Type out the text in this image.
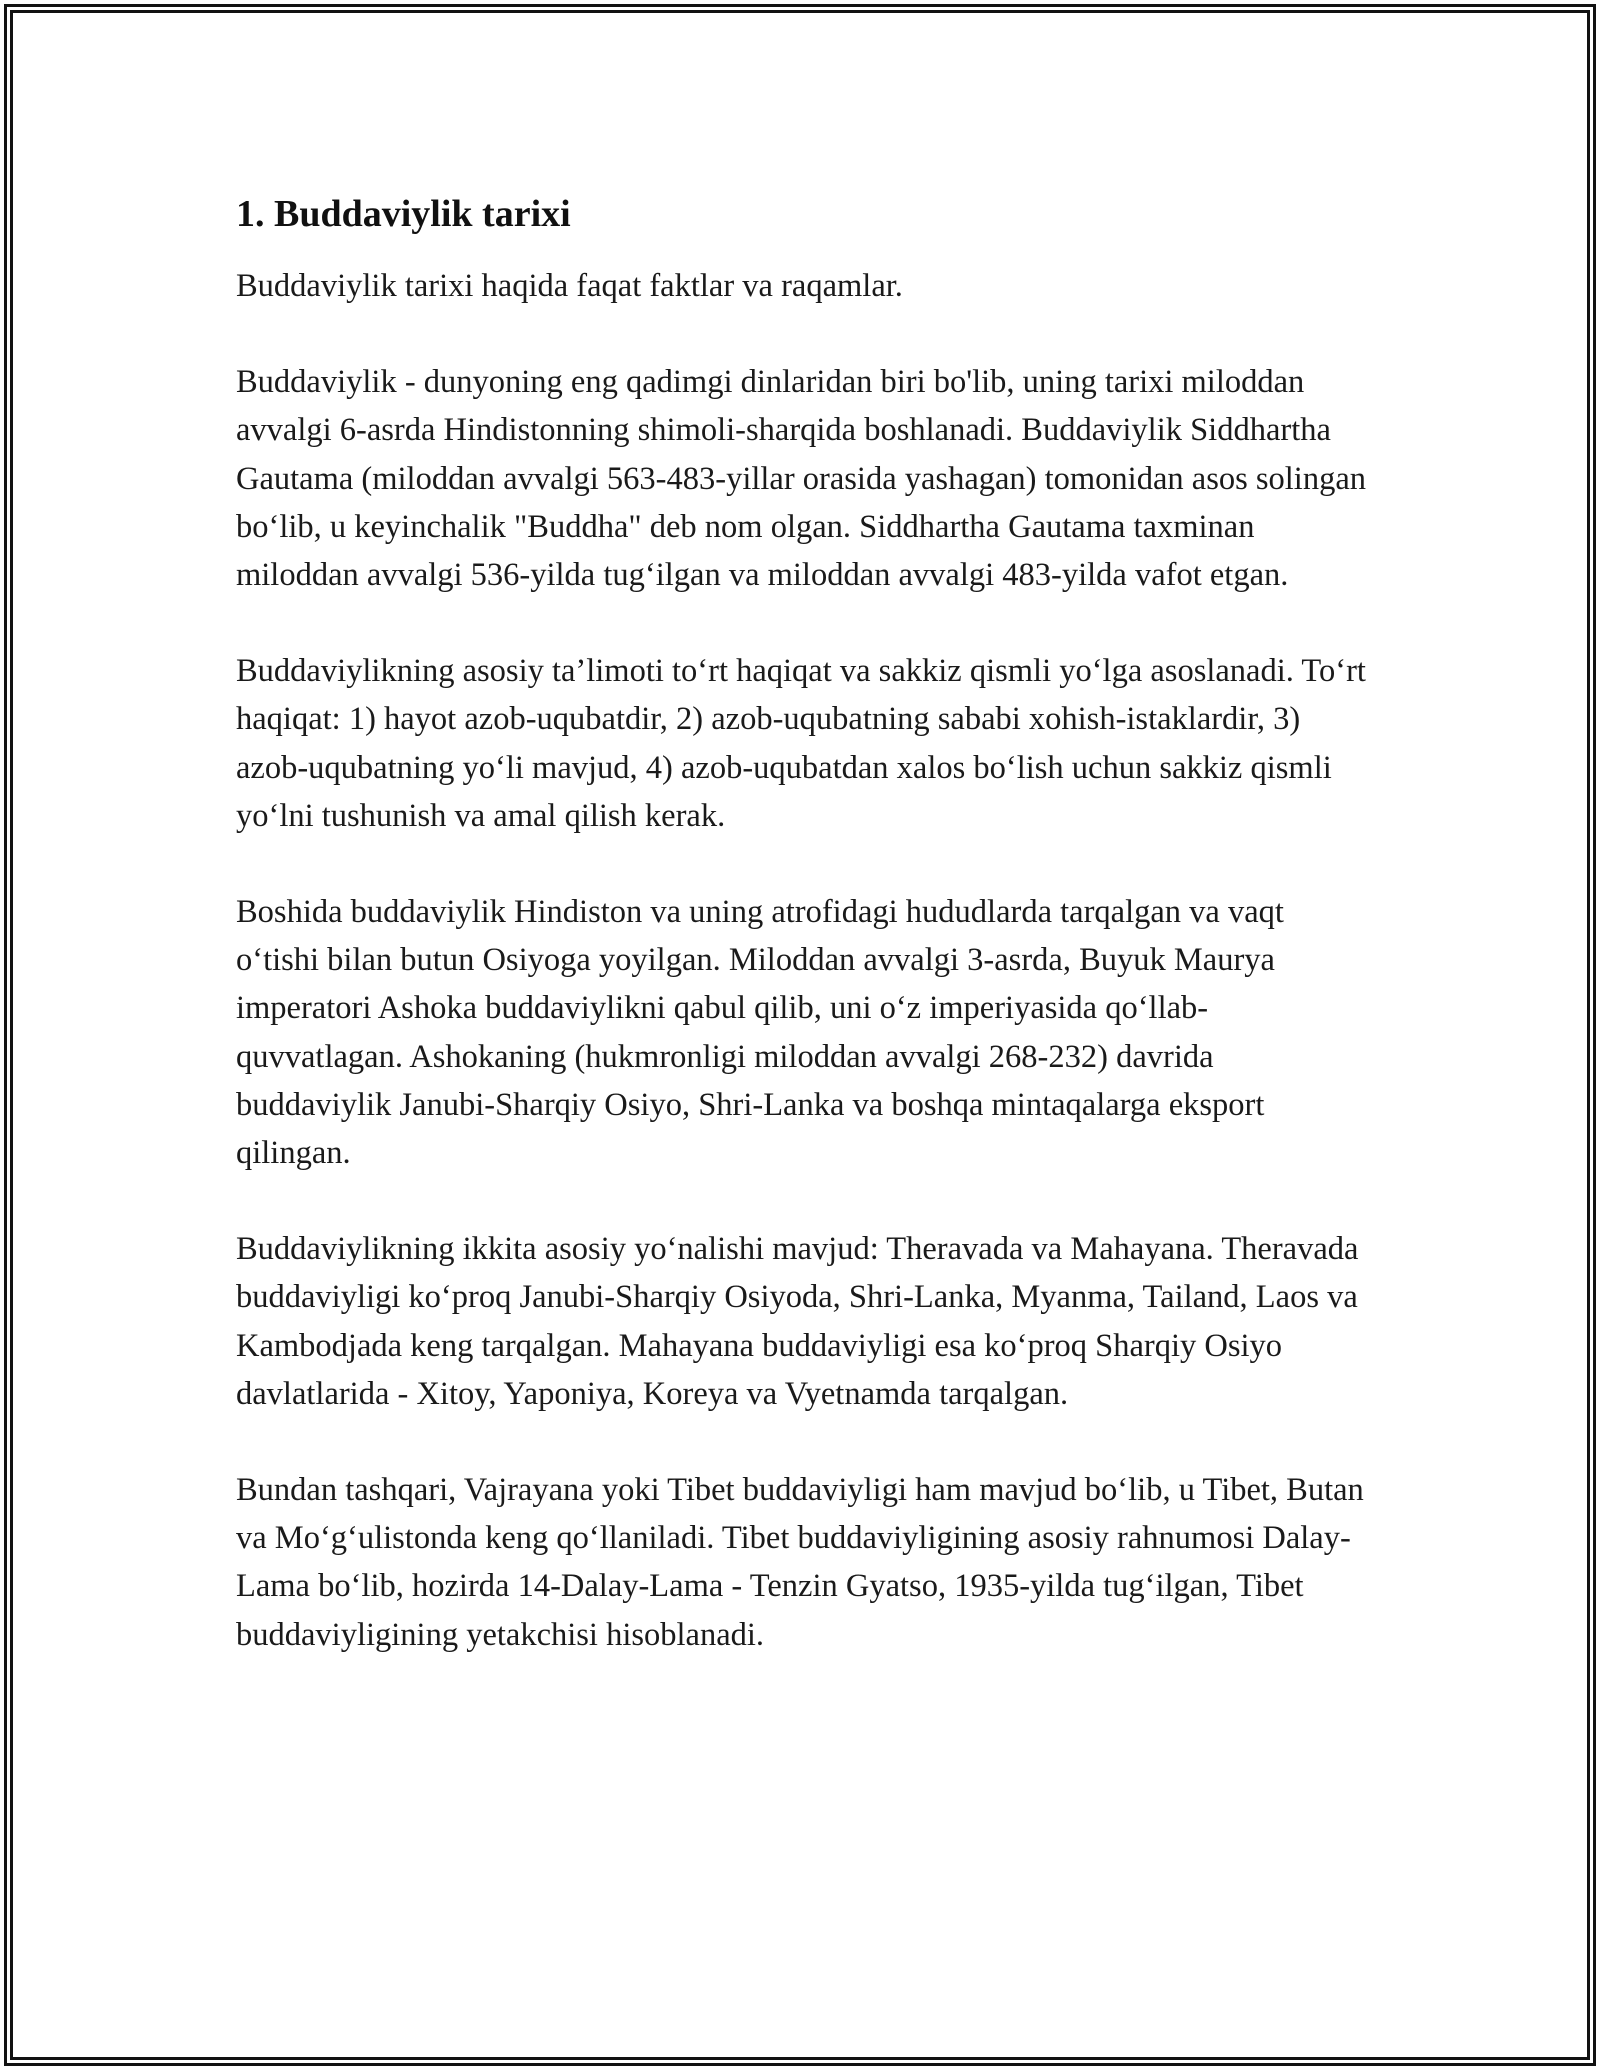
1. Buddaviylik tarixi

Buddaviylik tarixi haqida faqat faktlar va raqamlar.

Buddaviylik - dunyoning eng qadimgi dinlaridan biri bo'lib, uning tarixi miloddan avvalgi 6-asrda Hindistonning shimoli-sharqida boshlanadi. Buddaviylik Siddhartha Gautama (miloddan avvalgi 563-483-yillar orasida yashagan) tomonidan asos solingan bo‘lib, u keyinchalik "Buddha" deb nom olgan. Siddhartha Gautama taxminan miloddan avvalgi 536-yilda tug‘ilgan va miloddan avvalgi 483-yilda vafot etgan.

Buddaviylikning asosiy ta’limoti to‘rt haqiqat va sakkiz qismli yo‘lga asoslanadi. To‘rt haqiqat: 1) hayot azob-uqubatdir, 2) azob-uqubatning sababi xohish-istaklardir, 3) azob-uqubatning yo‘li mavjud, 4) azob-uqubatdan xalos bo‘lish uchun sakkiz qismli yo‘lni tushunish va amal qilish kerak.

Boshida buddaviylik Hindiston va uning atrofidagi hududlarda tarqalgan va vaqt o‘tishi bilan butun Osiyoga yoyilgan. Miloddan avvalgi 3-asrda, Buyuk Maurya imperatori Ashoka buddaviylikni qabul qilib, uni o‘z imperiyasida qo‘llab-quvvatlagan. Ashokaning (hukmronligi miloddan avvalgi 268-232) davrida buddaviylik Janubi-Sharqiy Osiyo, Shri-Lanka va boshqa mintaqalarga eksport qilingan.

Buddaviylikning ikkita asosiy yo‘nalishi mavjud: Theravada va Mahayana. Theravada buddaviyligi ko‘proq Janubi-Sharqiy Osiyoda, Shri-Lanka, Myanma, Tailand, Laos va Kambodjada keng tarqalgan. Mahayana buddaviyligi esa ko‘proq Sharqiy Osiyo davlatlarida - Xitoy, Yaponiya, Koreya va Vyetnamda tarqalgan.

Bundan tashqari, Vajrayana yoki Tibet buddaviyligi ham mavjud bo‘lib, u Tibet, Butan va Mo‘g‘ulistonda keng qo‘llaniladi. Tibet buddaviyligining asosiy rahnumosi Dalay-Lama bo‘lib, hozirda 14-Dalay-Lama - Tenzin Gyatso, 1935-yilda tug‘ilgan, Tibet buddaviyligining yetakchisi hisoblanadi.
